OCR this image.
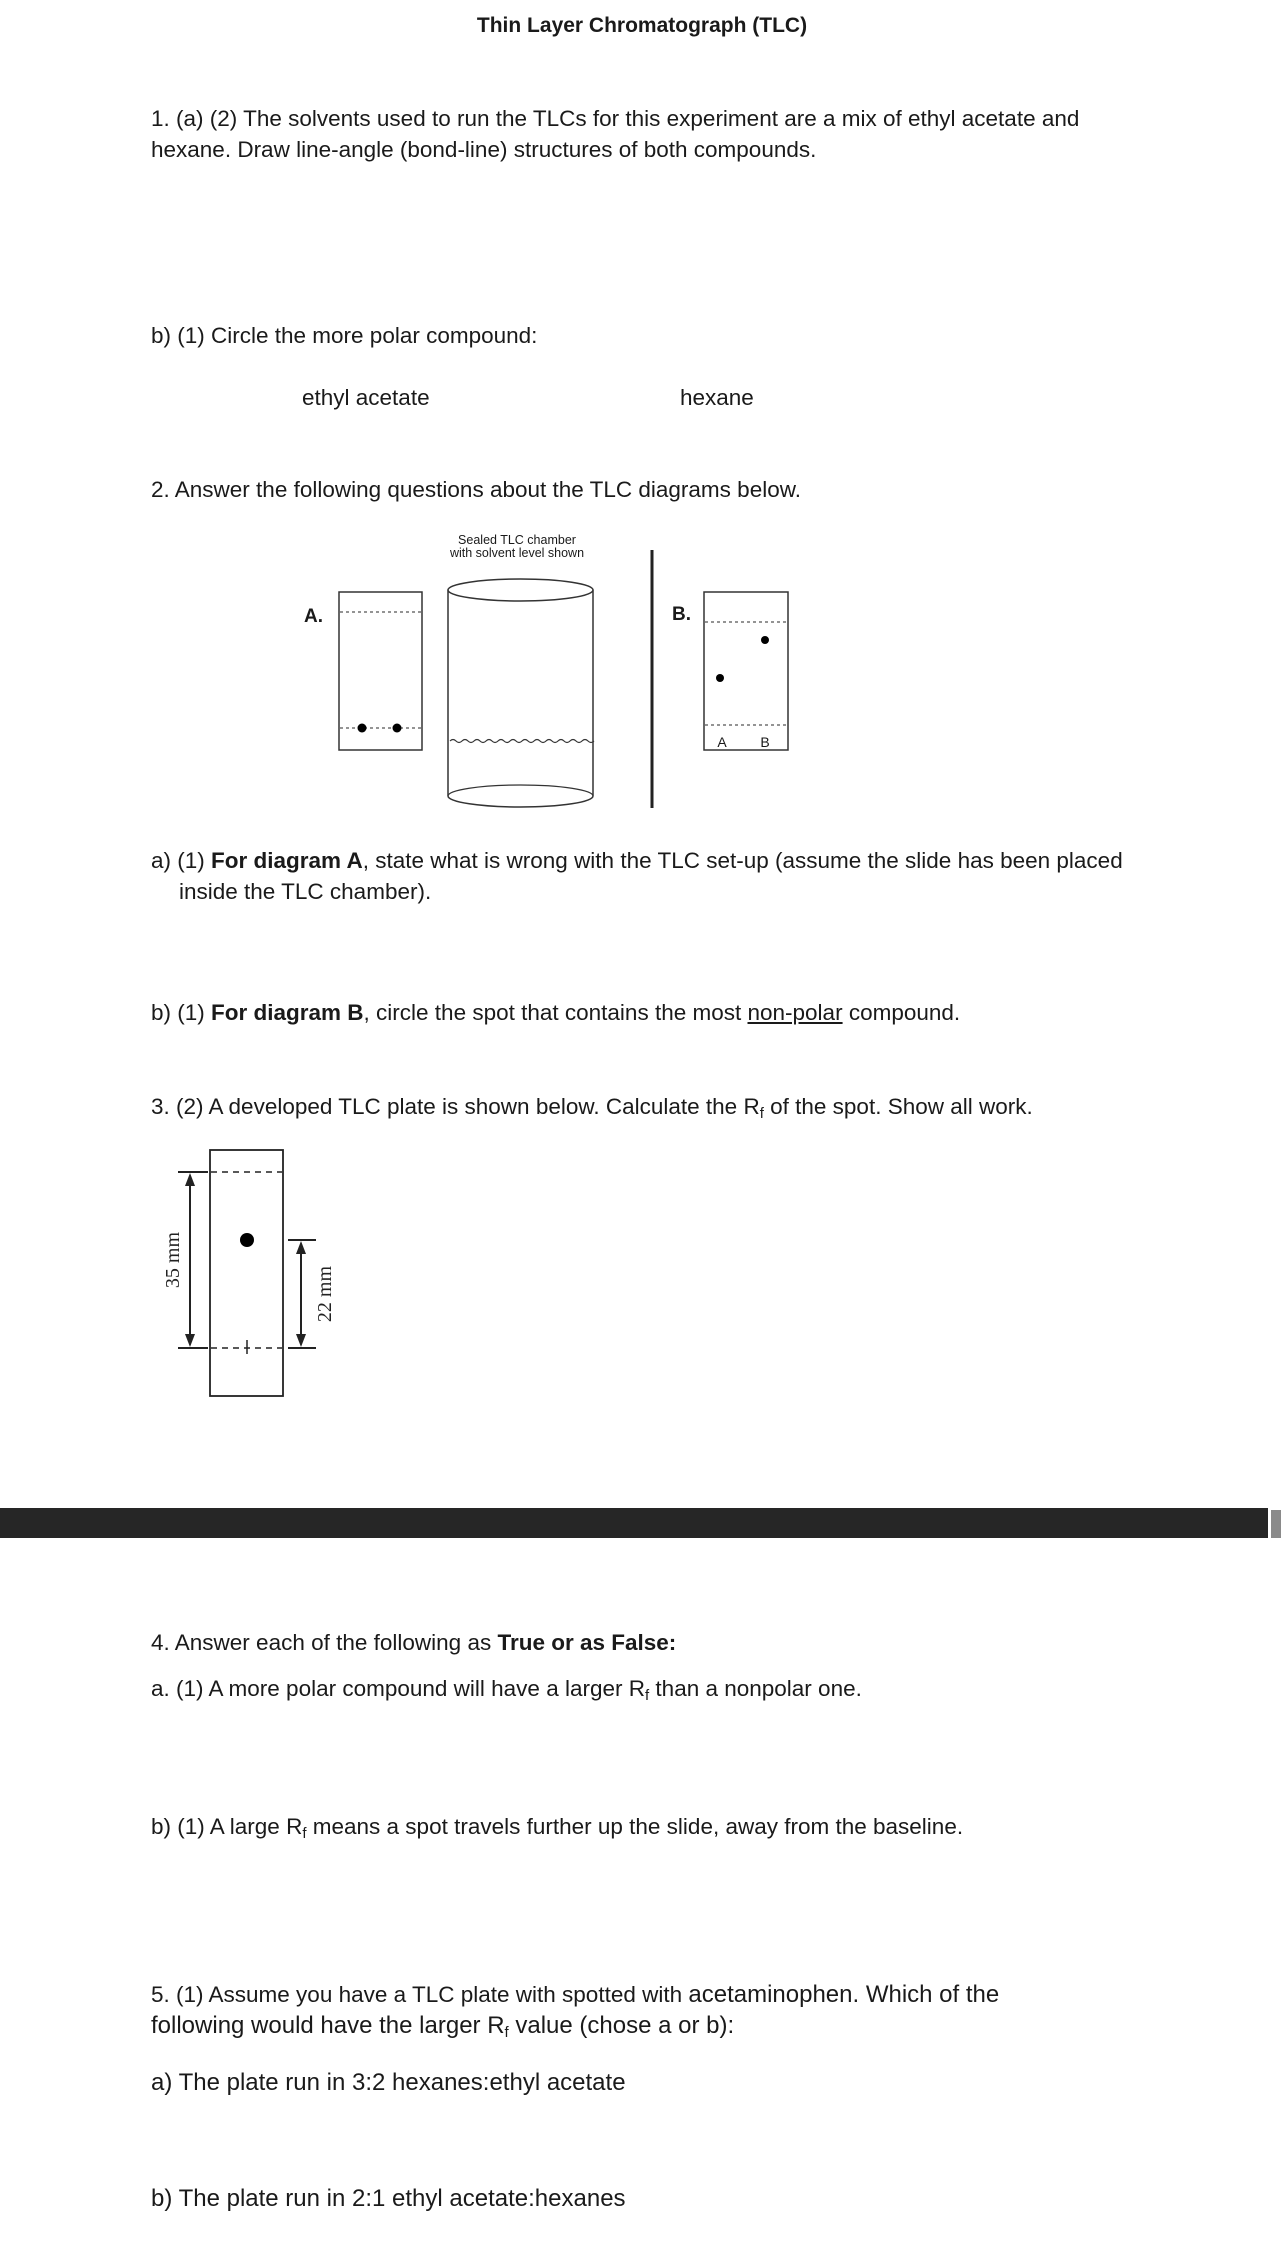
Thin Layer Chromatograph (TLC)
1. (a) (2) The solvents used to run the TLCs for this experiment are a mix of ethyl acetate and
hexane. Draw line-angle (bond-line) structures of both compounds.
b) (1) Circle the more polar compound:
ethyl acetate	hexane
2. Answer the following questions about the TLC diagrams below.
A.
Sealed TLC chamber
with solvent level shown
B.
A B
a) (1) For diagram A, state what is wrong with the TLC set-up (assume the slide has been placed
inside the TLC chamber).
b) (1) For diagram B, circle the spot that contains the most non-polar compound.
3. (2) A developed TLC plate is shown below. Calculate the $R_f$ of the spot. Show all work.
35 mm
22 mm
4. Answer each of the following as True or as False:
a. (1) A more polar compound will have a larger $R_f$ than a nonpolar one.
b) (1) A large $R_f$ means a spot travels further up the slide, away from the baseline.
5. (1) Assume you have a TLC plate with spotted with acetaminophen. Which of the
following would have the larger $R_f$ value (chose a or b):
a) The plate run in 3:2 hexanes:ethyl acetate
b) The plate run in 2:1 ethyl acetate:hexanes
